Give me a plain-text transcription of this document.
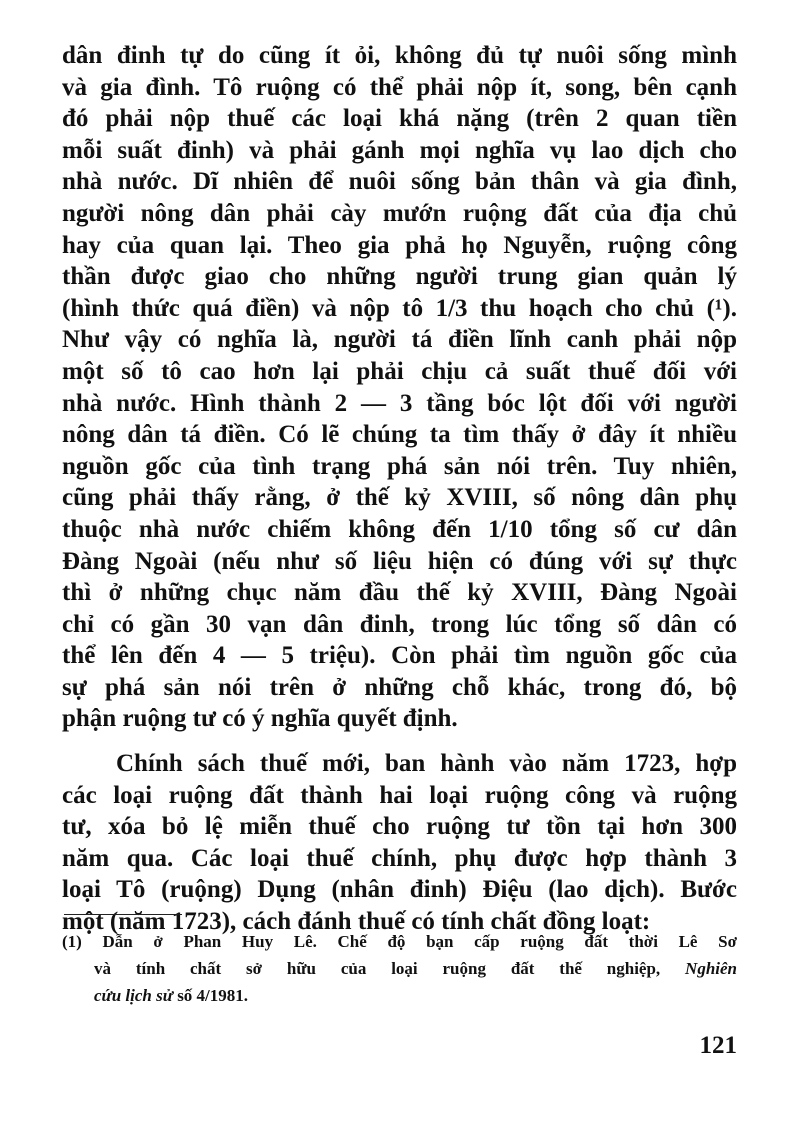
dân đinh tự do cũng ít ỏi, không đủ tự nuôi sống mình
và gia đình. Tô ruộng có thể phải nộp ít, song, bên cạnh
đó phải nộp thuế các loại khá nặng (trên 2 quan tiền
mỗi suất đinh) và phải gánh mọi nghĩa vụ lao dịch cho
nhà nước. Dĩ nhiên để nuôi sống bản thân và gia đình,
người nông dân phải cày mướn ruộng đất của địa chủ
hay của quan lại. Theo gia phả họ Nguyễn, ruộng công
thần được giao cho những người trung gian quản lý
(hình thức quá điền) và nộp tô 1/3 thu hoạch cho chủ (¹).
Như vậy có nghĩa là, người tá điền lĩnh canh phải nộp
một số tô cao hơn lại phải chịu cả suất thuế đối với
nhà nước. Hình thành 2 — 3 tầng bóc lột đối với người
nông dân tá điền. Có lẽ chúng ta tìm thấy ở đây ít nhiều
nguồn gốc của tình trạng phá sản nói trên. Tuy nhiên,
cũng phải thấy rằng, ở thế kỷ XVIII, số nông dân phụ
thuộc nhà nước chiếm không đến 1/10 tổng số cư dân
Đàng Ngoài (nếu như số liệu hiện có đúng với sự thực
thì ở những chục năm đầu thế kỷ XVIII, Đàng Ngoài
chỉ có gần 30 vạn dân đinh, trong lúc tổng số dân có
thể lên đến 4 — 5 triệu). Còn phải tìm nguồn gốc của
sự phá sản nói trên ở những chỗ khác, trong đó, bộ
phận ruộng tư có ý nghĩa quyết định.
Chính sách thuế mới, ban hành vào năm 1723, hợp
các loại ruộng đất thành hai loại ruộng công và ruộng
tư, xóa bỏ lệ miễn thuế cho ruộng tư tồn tại hơn 300
năm qua. Các loại thuế chính, phụ được hợp thành 3
loại Tô (ruộng) Dụng (nhân đinh) Điệu (lao dịch). Bước
một (năm 1723), cách đánh thuế có tính chất đồng loạt:
(1) Dẫn ở Phan Huy Lê. Chế độ bạn cấp ruộng đất thời Lê Sơ
và tính chất sở hữu của loại ruộng đất thế nghiệp, Nghiên
cứu lịch sử số 4/1981.
121
